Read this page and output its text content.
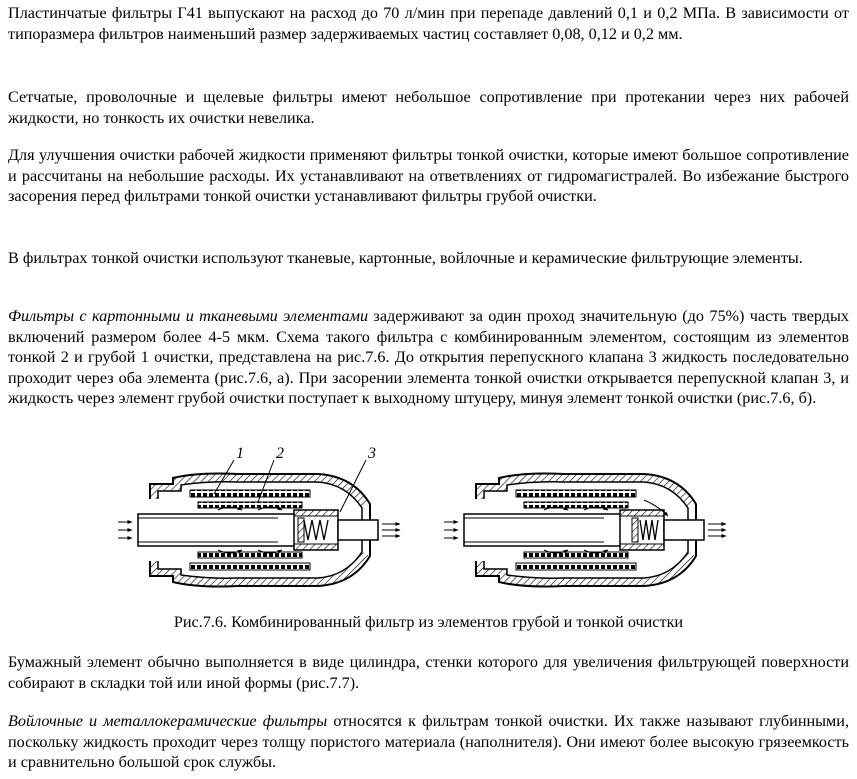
Пластинчатые фильтры Г41 выпускают на расход до 70 л/мин при перепаде давлений 0,1 и 0,2 МПа. В зависимости от типоразмера фильтров наименьший размер задерживаемых частиц составляет 0,08, 0,12 и 0,2 мм.

Сетчатые, проволочные и щелевые фильтры имеют небольшое сопротивление при протекании через них рабочей жидкости, но тонкость их очистки невелика.

Для улучшения очистки рабочей жидкости применяют фильтры тонкой очистки, которые имеют большое сопротивление и рассчитаны на небольшие расходы. Их устанавливают на ответвлениях от гидромагистралей. Во избежание быстрого засорения перед фильтрами тонкой очистки устанавливают фильтры грубой очистки.

В фильтрах тонкой очистки используют тканевые, картонные, войлочные и керамические фильтрующие элементы.

Фильтры с картонными и тканевыми элементами задерживают за один проход значительную (до 75%) часть твердых включений размером более 4-5 мкм. Схема такого фильтра с комбинированным элементом, состоящим из элементов тонкой 2 и грубой 1 очистки, представлена на рис.7.6. До открытия перепускного клапана 3 жидкость последовательно проходит через оба элемента (рис.7.6, а). При засорении элемента тонкой очистки открывается перепускной клапан 3, и жидкость через элемент грубой очистки поступает к выходному штуцеру, минуя элемент тонкой очистки (рис.7.6, б).

1 2	3
Рис.7.6. Комбинированный фильтр из элементов грубой и тонкой очистки

Бумажный элемент обычно выполняется в виде цилиндра, стенки которого для увеличения фильтрующей поверхности собирают в складки той или иной формы (рис.7.7).

Войлочные и металлокерамические фильтры относятся к фильтрам тонкой очистки. Их также называют глубинными, поскольку жидкость проходит через толщу пористого материала (наполнителя). Они имеют более высокую грязеемкость и сравнительно большой срок службы.
